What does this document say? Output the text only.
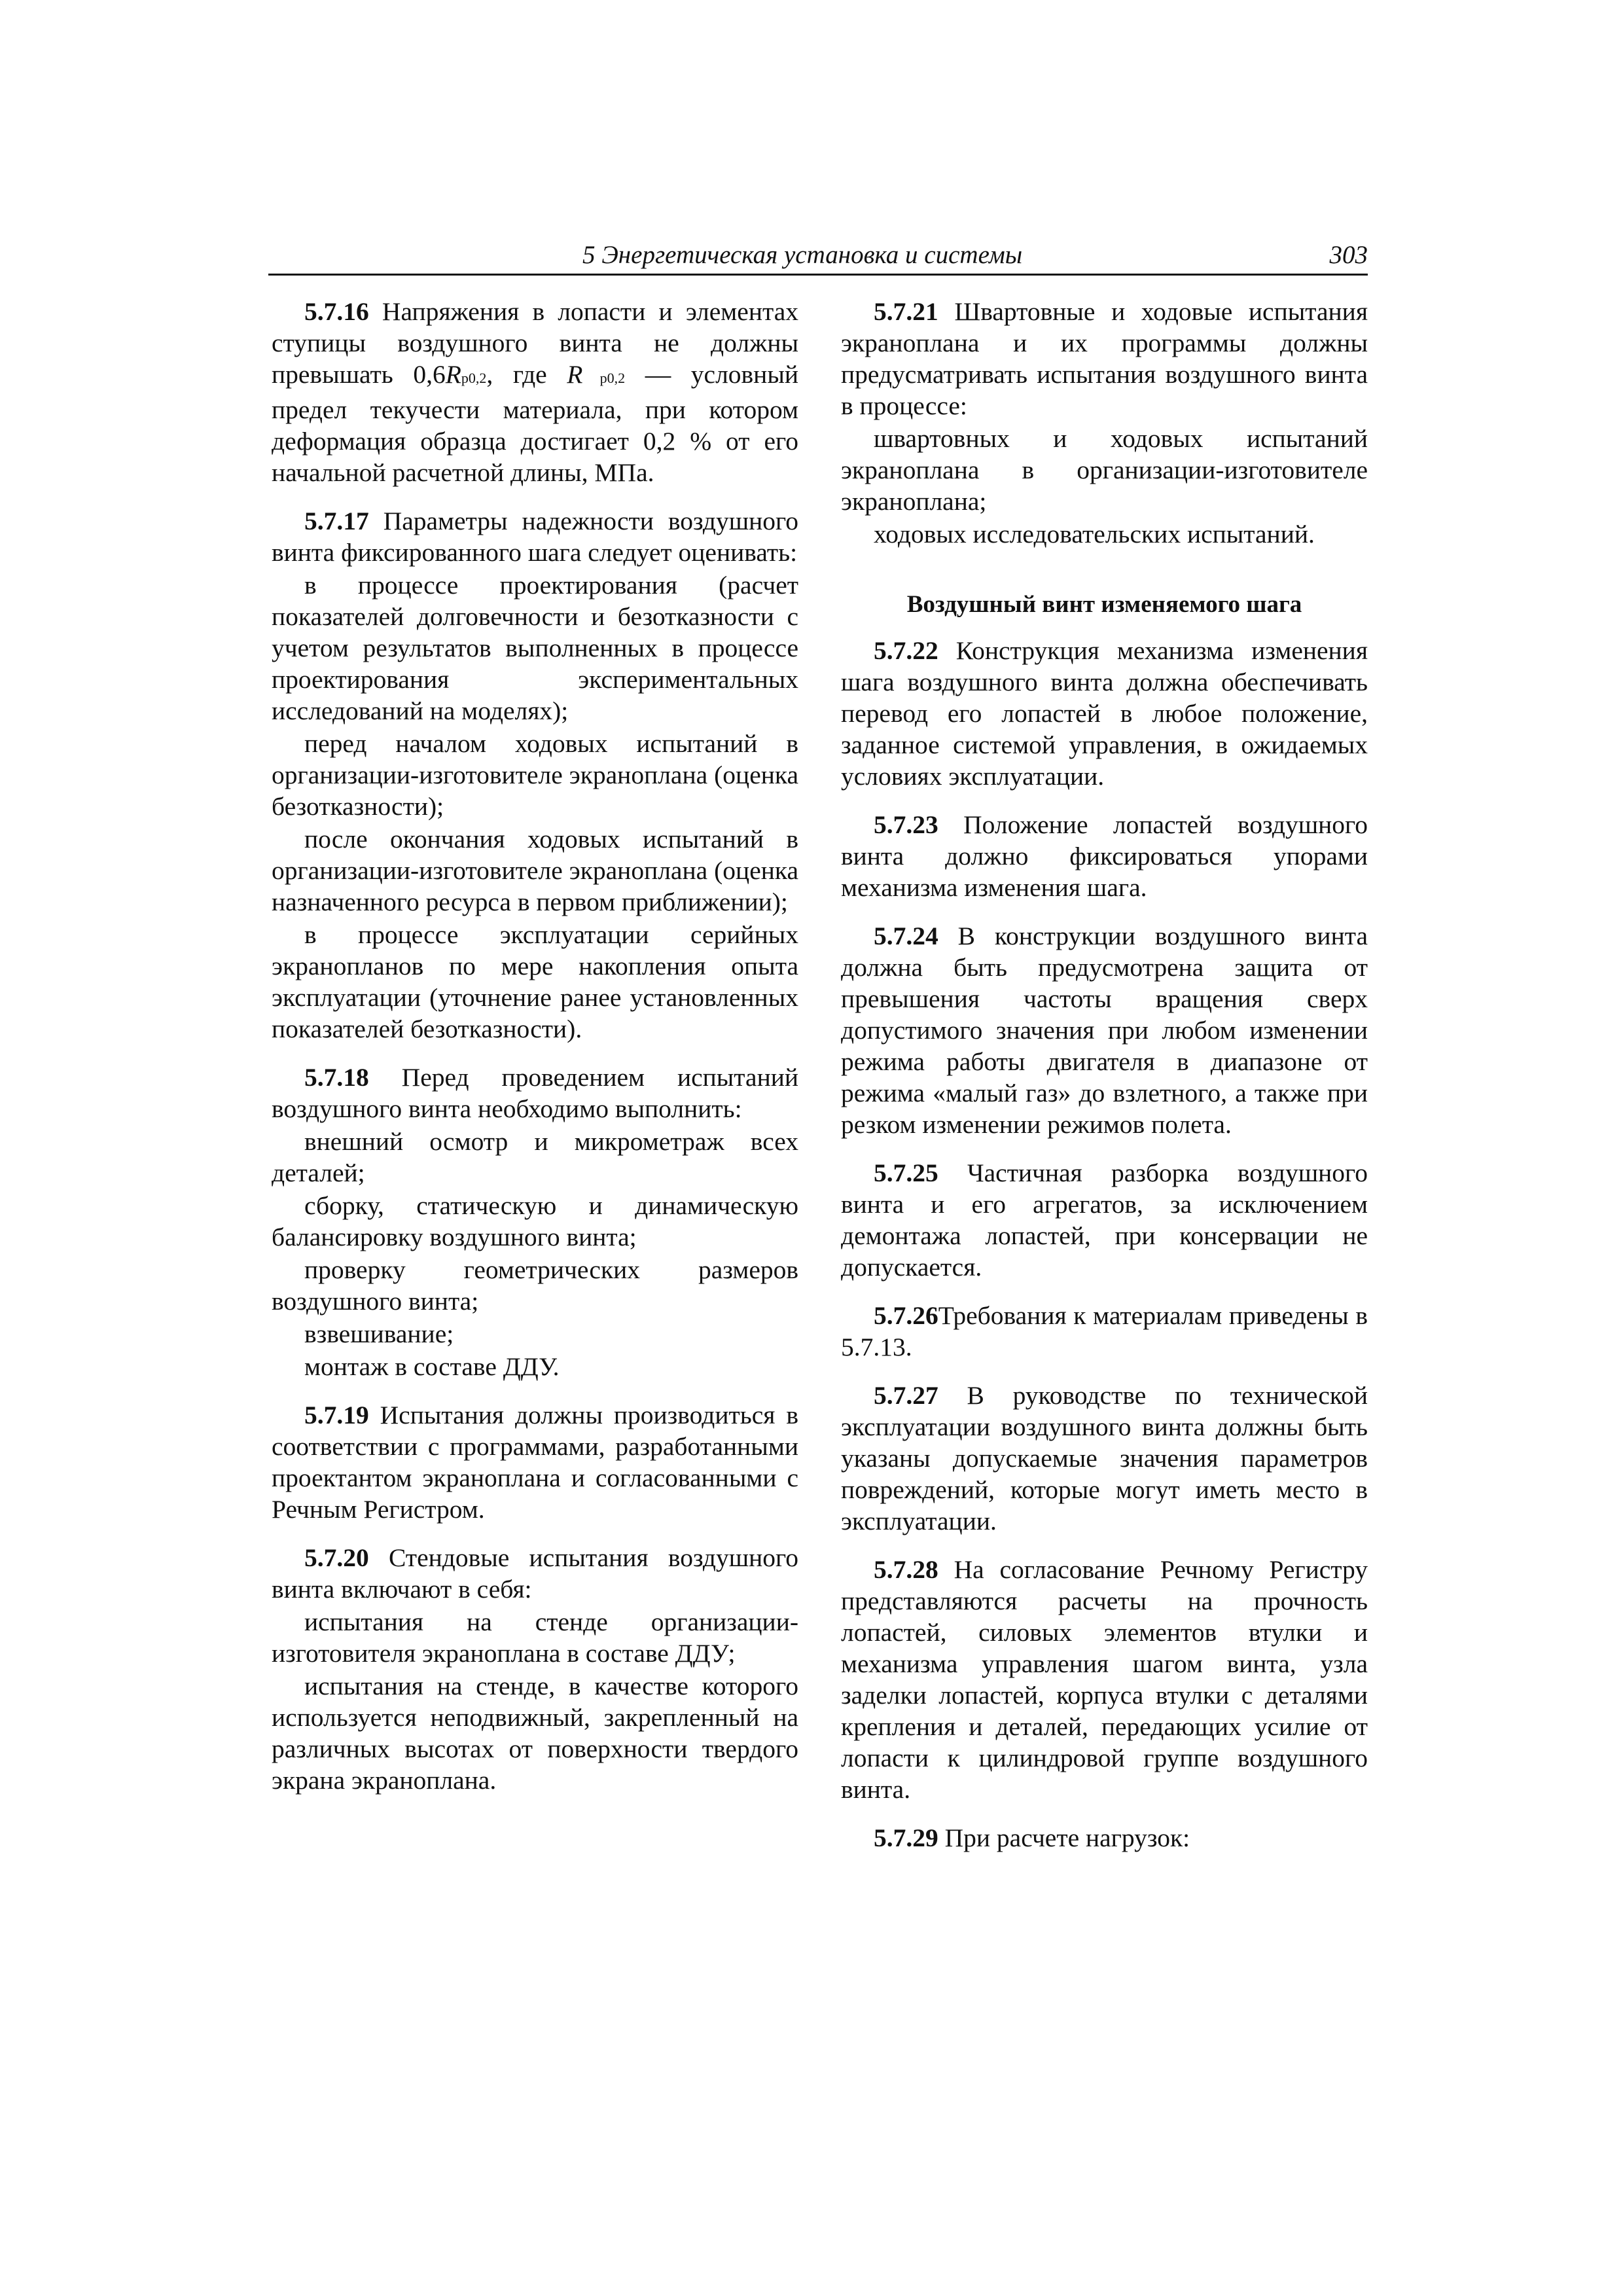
5 Энергетическая установка и системы	303

5.7.16 Напряжения в лопасти и элементах ступицы воздушного винта не должны превышать 0,6Rp0,2, где R p0,2 — условный предел текучести материала, при котором деформация образца достигает 0,2 % от его начальной расчетной длины, МПа.

5.7.17 Параметры надежности воздушного винта фиксированного шага следует оценивать:

в процессе проектирования (расчет показателей долговечности и безотказности с учетом результатов выполненных в процессе проектирования экспериментальных исследований на моделях);

перед началом ходовых испытаний в организации-изготовителе экраноплана (оценка безотказности);

после окончания ходовых испытаний в организации-изготовителе экраноплана (оценка назначенного ресурса в первом приближении);

в процессе эксплуатации серийных экранопланов по мере накопления опыта эксплуатации (уточнение ранее установленных показателей безотказности).

5.7.18 Перед проведением испытаний воздушного винта необходимо выполнить:

внешний осмотр и микрометраж всех деталей;

сборку, статическую и динамическую балансировку воздушного винта;

проверку геометрических размеров воздушного винта;

взвешивание;

монтаж в составе ДДУ.

5.7.19 Испытания должны производиться в соответствии с программами, разработанными проектантом экраноплана и согласованными с Речным Регистром.

5.7.20 Стендовые испытания воздушного винта включают в себя:

испытания на стенде организации-изготовителя экраноплана в составе ДДУ;

испытания на стенде, в качестве которого используется неподвижный, закрепленный на различных высотах от поверхности твердого экрана экраноплана.

5.7.21 Швартовные и ходовые испытания экраноплана и их программы должны предусматривать испытания воздушного винта в процессе:

швартовных и ходовых испытаний экраноплана в организации-изготовителе экраноплана;

ходовых исследовательских испытаний.

Воздушный винт изменяемого шага

5.7.22 Конструкция механизма изменения шага воздушного винта должна обеспечивать перевод его лопастей в любое положение, заданное системой управления, в ожидаемых условиях эксплуатации.

5.7.23 Положение лопастей воздушного винта должно фиксироваться упорами механизма изменения шага.

5.7.24 В конструкции воздушного винта должна быть предусмотрена защита от превышения частоты вращения сверх допустимого значения при любом изменении режима работы двигателя в диапазоне от режима «малый газ» до взлетного, а также при резком изменении режимов полета.

5.7.25 Частичная разборка воздушного винта и его агрегатов, за исключением демонтажа лопастей, при консервации не допускается.

5.7.26Требования к материалам приведены в 5.7.13.

5.7.27 В руководстве по технической эксплуатации воздушного винта должны быть указаны допускаемые значения параметров повреждений, которые могут иметь место в эксплуатации.

5.7.28 На согласование Речному Регистру представляются расчеты на прочность лопастей, силовых элементов втулки и механизма управления шагом винта, узла заделки лопастей, корпуса втулки с деталями крепления и деталей, передающих усилие от лопасти к цилиндровой группе воздушного винта.

5.7.29 При расчете нагрузок:
